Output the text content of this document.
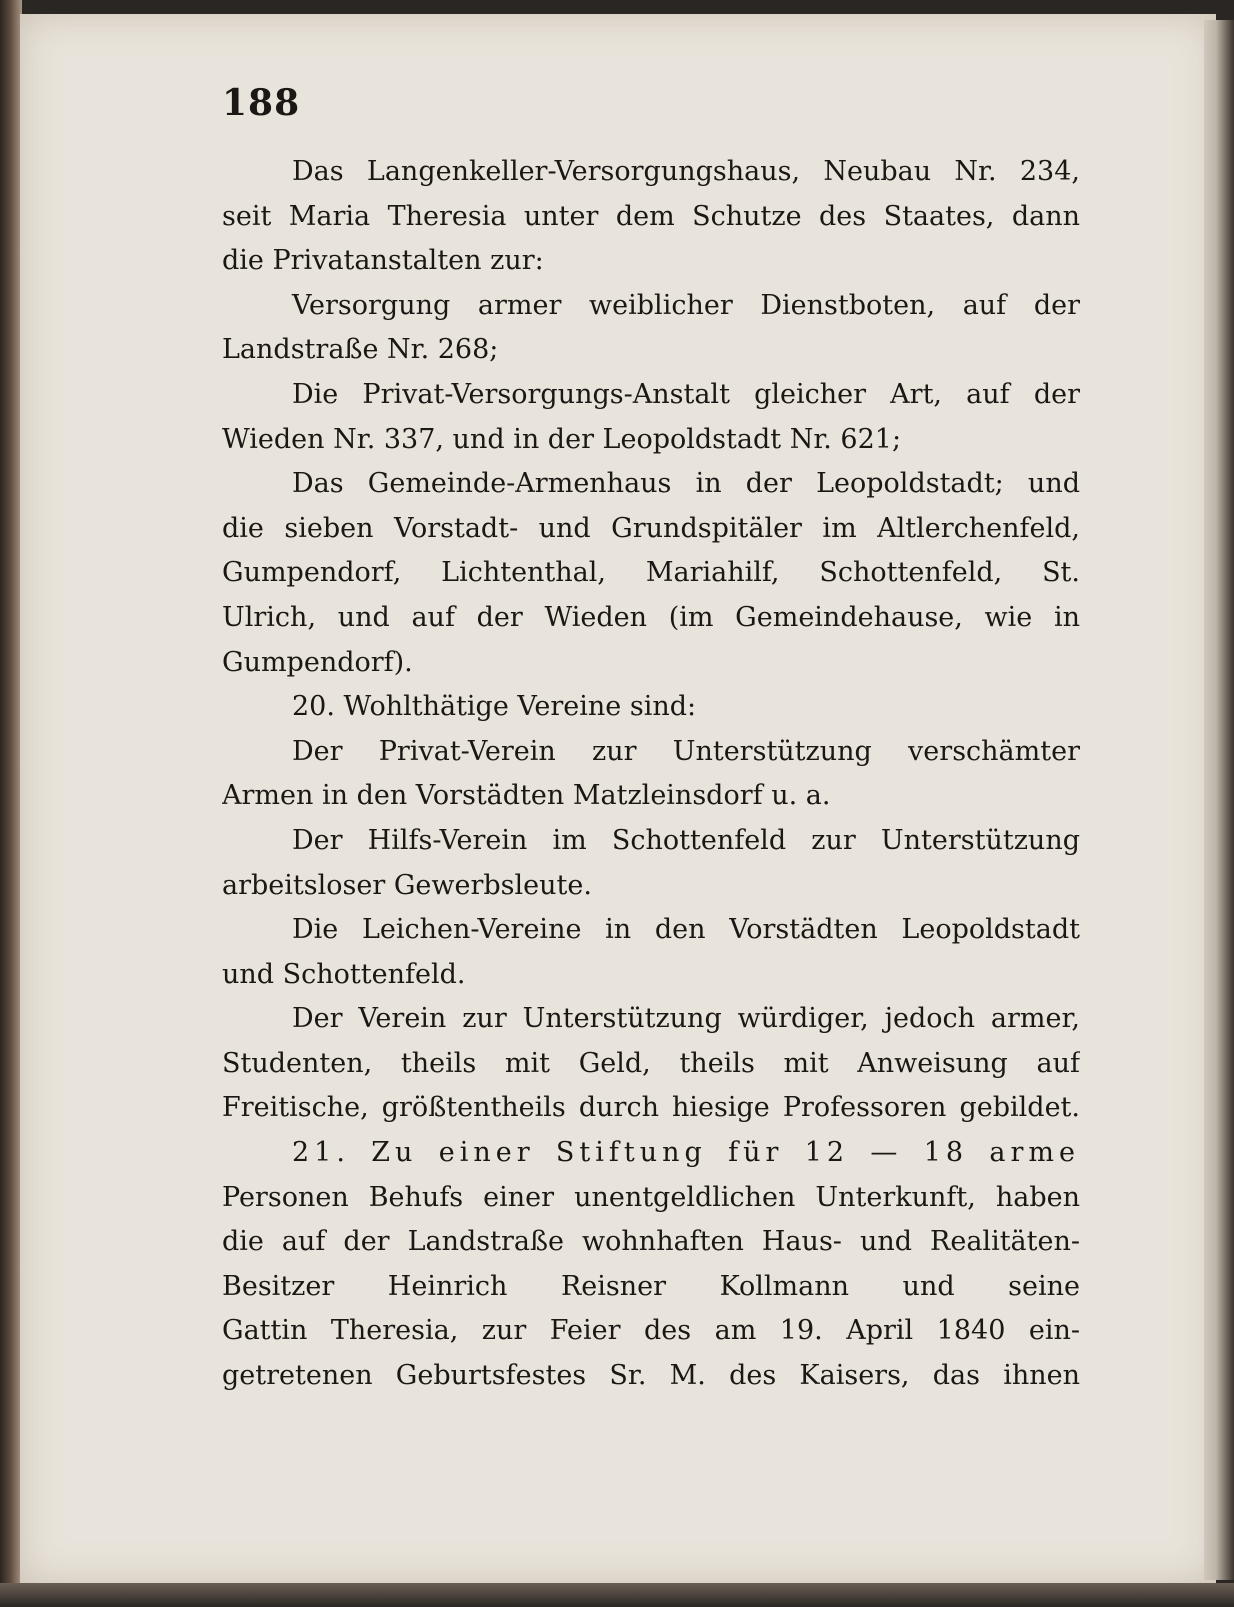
188
Das Langenkeller-Versorgungshaus, Neubau Nr. 234,
seit Maria Theresia unter dem Schutze des Staates, dann
die Privatanstalten zur:
Versorgung armer weiblicher Dienstboten, auf der
Landstraße Nr. 268;
Die Privat-Versorgungs-Anstalt gleicher Art, auf der
Wieden Nr. 337, und in der Leopoldstadt Nr. 621;
Das Gemeinde-Armenhaus in der Leopoldstadt; und
die sieben Vorstadt- und Grundspitäler im Altlerchenfeld,
Gumpendorf, Lichtenthal, Mariahilf, Schottenfeld, St.
Ulrich, und auf der Wieden (im Gemeindehause, wie in
Gumpendorf).
20. Wohlthätige Vereine sind:
Der Privat-Verein zur Unterstützung verschämter
Armen in den Vorstädten Matzleinsdorf u. a.
Der Hilfs-Verein im Schottenfeld zur Unterstützung
arbeitsloser Gewerbsleute.
Die Leichen-Vereine in den Vorstädten Leopoldstadt
und Schottenfeld.
Der Verein zur Unterstützung würdiger, jedoch armer,
Studenten, theils mit Geld, theils mit Anweisung auf
Freitische, größtentheils durch hiesige Professoren gebildet.
21. Zu einer Stiftung für 12 — 18 arme
Personen Behufs einer unentgeldlichen Unterkunft, haben
die auf der Landstraße wohnhaften Haus- und Realitäten-
Besitzer Heinrich Reisner Kollmann und seine
Gattin Theresia, zur Feier des am 19. April 1840 ein-
getretenen Geburtsfestes Sr. M. des Kaisers, das ihnen
